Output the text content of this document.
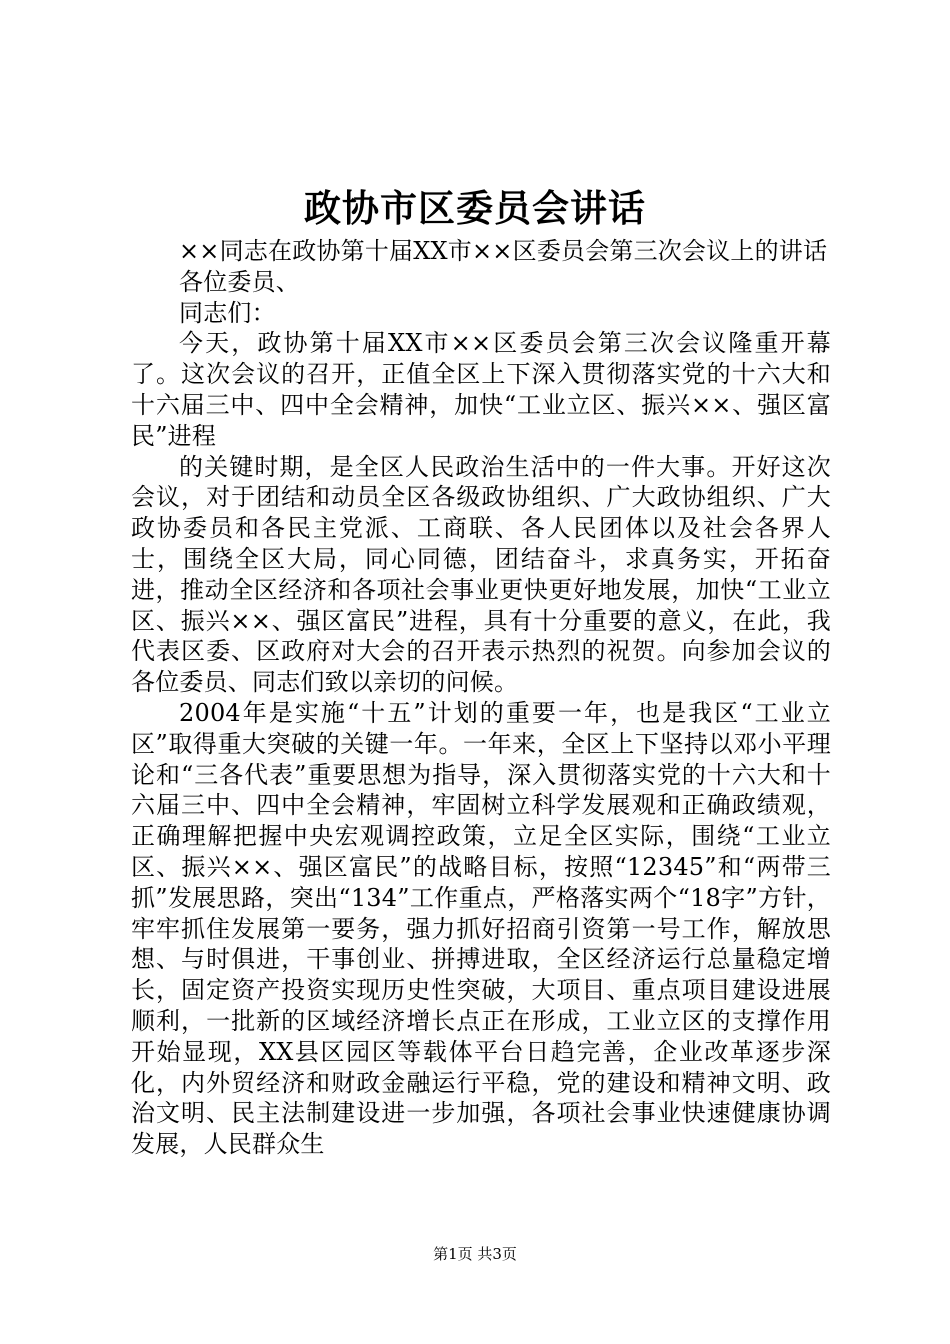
政协市区委员会讲话

××同志在政协第十届XX市××区委员会第三次会议上的讲话

各位委员、

同志们：

今天，政协第十届XX市××区委员会第三次会议隆重开幕了。这次会议的召开，正值全区上下深入贯彻落实党的十六大和十六届三中、四中全会精神，加快“工业立区、振兴××、强区富民”进程

的关键时期，是全区人民政治生活中的一件大事。开好这次会议，对于团结和动员全区各级政协组织、广大政协组织、广大政协委员和各民主党派、工商联、各人民团体以及社会各界人士，围绕全区大局，同心同德，团结奋斗，求真务实，开拓奋进，推动全区经济和各项社会事业更快更好地发展，加快“工业立区、振兴××、强区富民”进程，具有十分重要的意义，在此，我代表区委、区政府对大会的召开表示热烈的祝贺。向参加会议的各位委员、同志们致以亲切的问候。

2004年是实施“十五”计划的重要一年，也是我区“工业立区”取得重大突破的关键一年。一年来，全区上下坚持以邓小平理论和“三各代表”重要思想为指导，深入贯彻落实党的十六大和十六届三中、四中全会精神，牢固树立科学发展观和正确政绩观，正确理解把握中央宏观调控政策，立足全区实际，围绕“工业立区、振兴××、强区富民”的战略目标，按照“12345”和“两带三抓”发展思路，突出“134”工作重点，严格落实两个“18字”方针，牢牢抓住发展第一要务，强力抓好招商引资第一号工作，解放思想、与时俱进，干事创业、拼搏进取，全区经济运行总量稳定增长，固定资产投资实现历史性突破，大项目、重点项目建设进展顺利，一批新的区域经济增长点正在形成，工业立区的支撑作用开始显现，XX县区园区等载体平台日趋完善，企业改革逐步深化，内外贸经济和财政金融运行平稳，党的建设和精神文明、政治文明、民主法制建设进一步加强，各项社会事业快速健康协调发展，人民群众生

第1页 共3页
